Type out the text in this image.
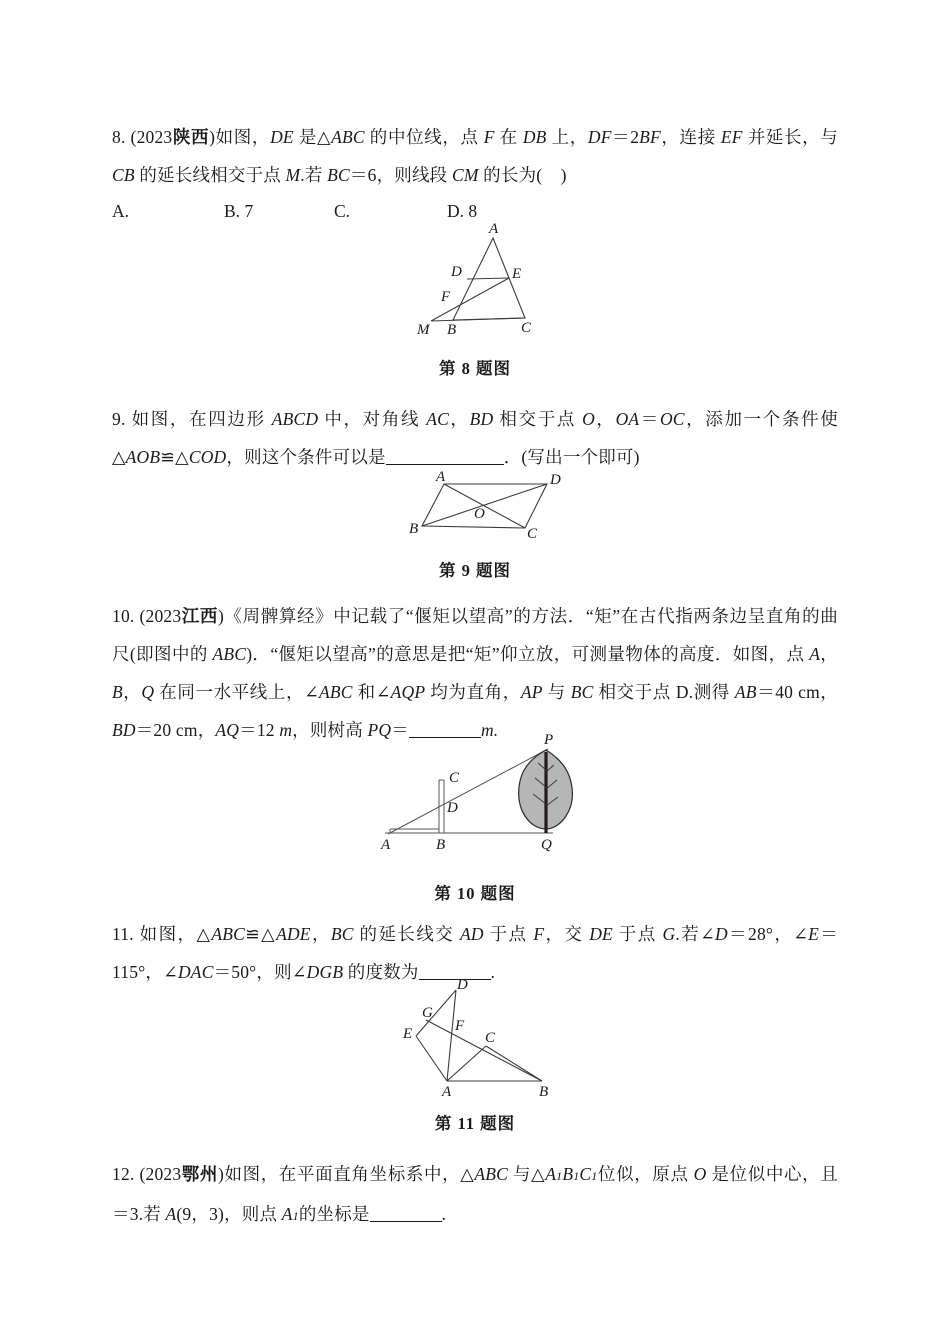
8. (2023陕西)如图，DE 是△ABC 的中位线，点 F 在 DB 上，DF＝2BF，连接 EF 并延长，与 CB 的延长线相交于点 M.若 BC＝6，则线段 CM 的长为(    )
A.	B. 7	C.	D. 8
A
D	E
F
M B	C
第 8 题图
9. 如图，在四边形 ABCD 中，对角线 AC，BD 相交于点 O，OA＝OC，添加一个条件使△AOB≌△COD，则这个条件可以是	．(写出一个即可)
A	D
B
O
C
第 9 题图
10. (2023江西)《周髀算经》中记载了“偃矩以望高”的方法．“矩”在古代指两条边呈直角的曲尺(即图中的 ABC)．“偃矩以望高”的意思是把“矩”仰立放，可测量物体的高度．如图，点 A，B，Q 在同一水平线上，∠ABC 和∠AQP 均为直角，AP 与 BC 相交于点 D.测得 AB＝40 cm，BD＝20 cm，AQ＝12 m，则树高 PQ＝	m.	P
C
D
A	B	Q
第 10 题图
11. 如图，△ABC≌△ADE，BC 的延长线交 AD 于点 F，交 DE 于点 G.若∠D＝28°，∠E＝115°，∠DAC＝50°，则∠DGB 的度数为	.
D
G
F
E	C
A	B
第 11 题图
12. (2023鄂州)如图，在平面直角坐标系中，△ABC 与△A1B1C1位似，原点 O 是位似中心，且＝3.若 A(9，3)，则点 A1的坐标是	.
